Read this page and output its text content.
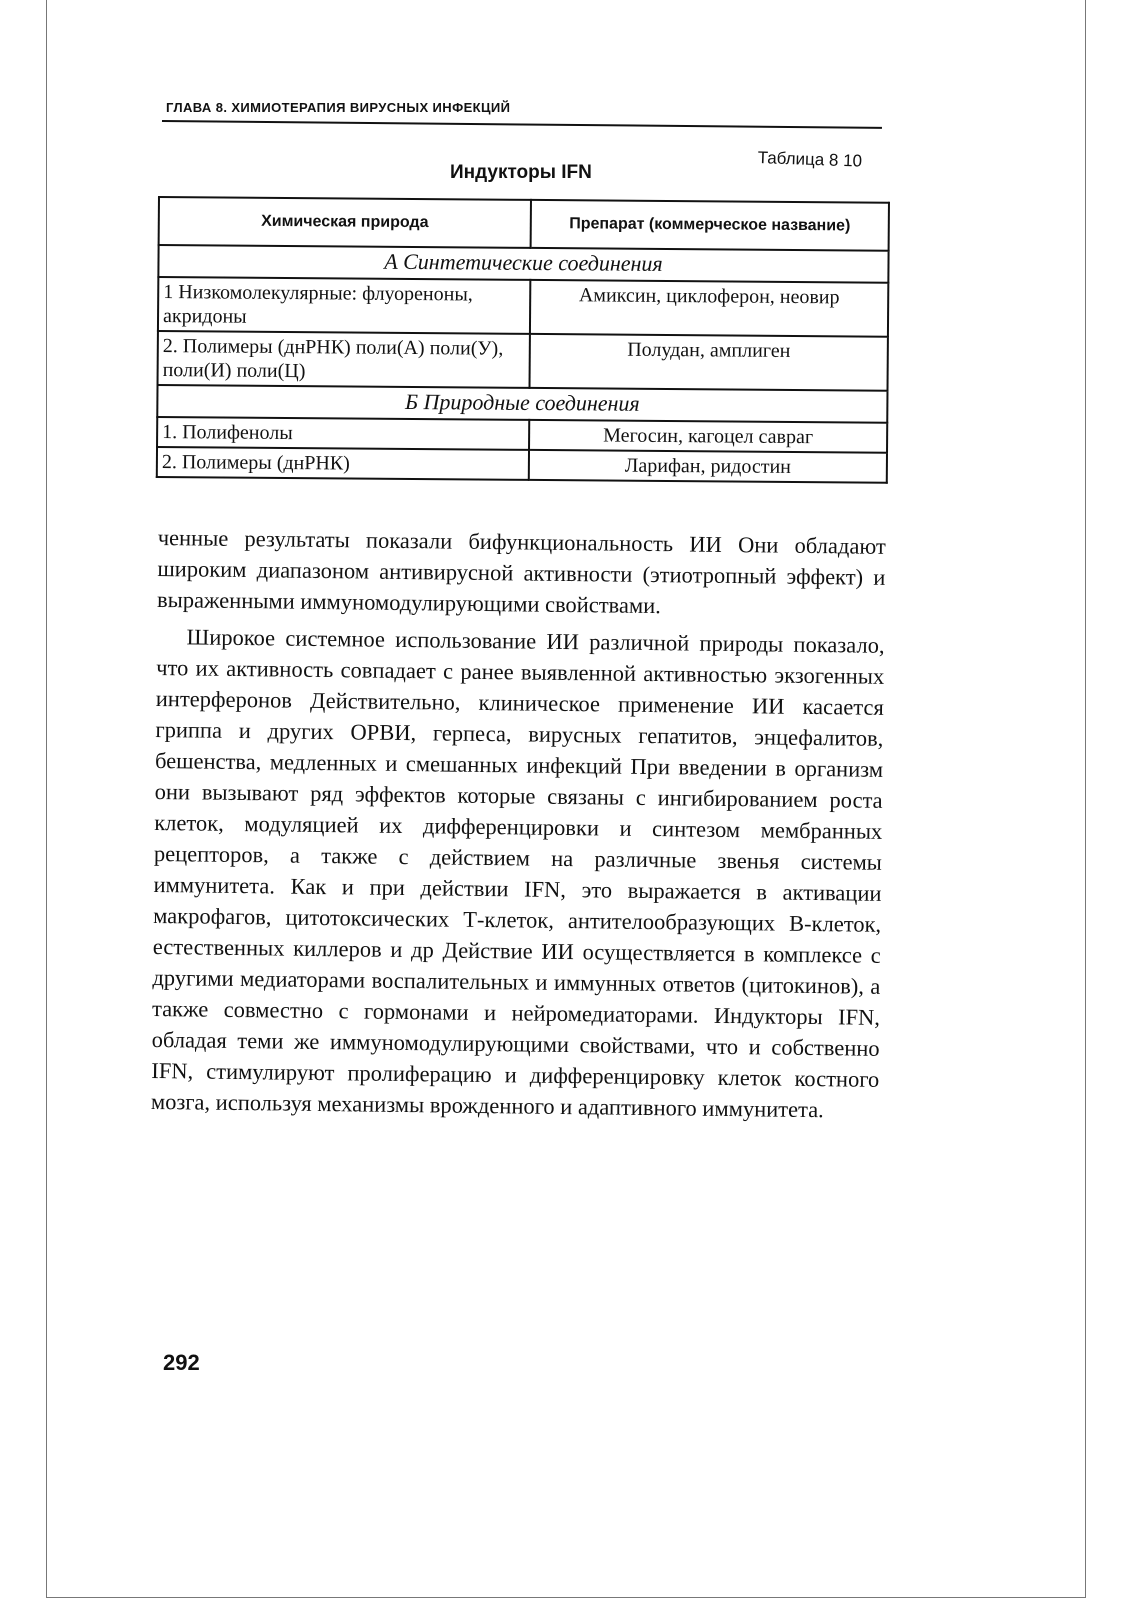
ГЛАВА 8. ХИМИОТЕРАПИЯ ВИРУСНЫХ ИНФЕКЦИЙ
Таблица 8 10
Индукторы IFN
Химическая природа	Препарат (коммерческое название)
А Синтетические соединения	
1 Низкомолекулярные: флуореноны, акридоны	Амиксин, циклоферон, неовир
2. Полимеры (днРНК) поли(А) поли(У), поли(И) поли(Ц)	Полудан, амплиген
Б Природные соединения	
1. Полифенолы	Мегосин, кагоцел савраг
2. Полимеры (днРНК)	Ларифан, ридостин

ченные результаты показали бифункциональность ИИ Они обладают широким диапазоном антивирусной активности (этиотропный эффект) и выраженными иммуномодулирующими свойствами.

Широкое системное использование ИИ различной природы показало, что их активность совпадает с ранее выявленной активностью экзогенных интерферонов Действительно, клиническое применение ИИ касается гриппа и других ОРВИ, герпеса, вирусных гепатитов, энцефалитов, бешенства, медленных и смешанных инфекций При введении в организм они вызывают ряд эффектов которые связаны с ингибированием роста клеток, модуляцией их дифференцировки и синтезом мембранных рецепторов, а также с действием на различные звенья системы иммунитета. Как и при действии IFN, это выражается в активации макрофагов, цитотоксических Т-клеток, антителообразующих В-клеток, естественных киллеров и др Действие ИИ осуществляется в комплексе с другими медиаторами воспалительных и иммунных ответов (цитокинов), а также совместно с гормонами и нейромедиаторами. Индукторы IFN, обладая теми же иммуномодулирующими свойствами, что и собственно IFN, стимулируют пролиферацию и дифференцировку клеток костного мозга, используя механизмы врожденного и адаптивного иммунитета.

292
